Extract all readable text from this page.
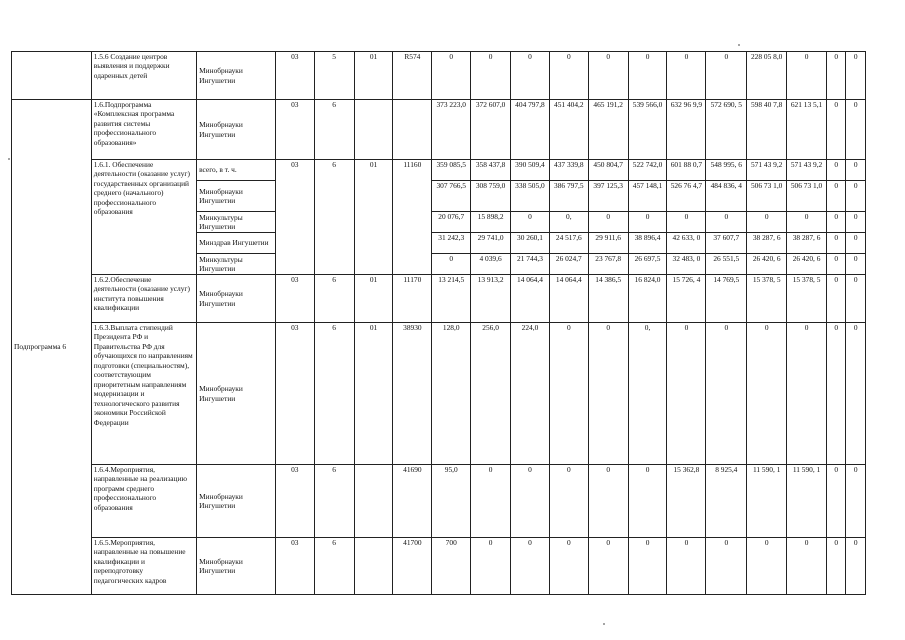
	1.5.6 Создание центров выявления и поддержки одаренных детей	Минобрнауки Ингушетии	03	5	01	R574	0	0	0	0	0	0	0	0	228 05 8,0	0	0	0
Подпрограмма 6	1.6.Подпрограмма «Комплексная программа развития системы профессионального образования»	Минобрнауки Ингушетии	03	6			373 223,0	372 607,0	404 797,8	451 404,2	465 191,2	539 566,0	632 96 9,9	572 690, 5	598 40 7,8	621 13 5,1	0	0
	1.6.1. Обеспечение деятельности (оказание услуг) государственных организаций среднего (начального) профессионального образования	всего, в т. ч.	03	6	01	11160	359 085,5	358 437,8	390 509,4	437 339,8	450 804,7	522 742,0	601 88 0,7	548 995, 6	571 43 9,2	571 43 9,2	0	0
		Минобрнауки Ингушетии					307 766,5	308 759,0	338 505,0	386 797,5	397 125,3	457 148,1	526 76 4,7	484 836, 4	506 73 1,0	506 73 1,0	0	0
		Минкультуры Ингушетии					20 076,7	15 898,2	0	0,	0	0	0	0	0	0	0	0
		Минздрав Ингушетии					31 242,3	29 741,0	30 260,1	24 517,6	29 911,6	38 896,4	42 633, 0	37 607,7	38 287, 6	38 287, 6	0	0
		Минкультуры Ингушетии					0	4 039,6	21 744,3	26 024,7	23 767,8	26 697,5	32 483, 0	26 551,5	26 420, 6	26 420, 6	0	0
	1.6.2.Обеспечение деятельности (оказание услуг) института повышения квалификации	Минобрнауки Ингушетии	03	6	01	11170	13 214,5	13 913,2	14 064,4	14 064,4	14 386,5	16 824,0	15 726, 4	14 769,5	15 378, 5	15 378, 5	0	0
	1.6.3.Выплата стипендий Президента РФ и Правительства РФ для обучающихся по направлениям подготовки (специальностям), соответствующим приоритетным направлениям модернизации и технологического развития экономики Российской Федерации	Минобрнауки Ингушетии	03	6	01	38930	128,0	256,0	224,0	0	0	0,	0	0	0	0	0	0
	1.6.4.Мероприятия, направленные на реализацию программ среднего профессионального образования	Минобрнауки Ингушетии	03	6		41690	95,0	0	0	0	0	0	15 362,8	8 925,4	11 590, 1	11 590, 1	0	0
	1.6.5.Мероприятия, направленные на повышение квалификации и переподготовку педагогических кадров	Минобрнауки Ингушетии	03	6		41700	700	0	0	0	0	0	0	0	0	0	0	0
